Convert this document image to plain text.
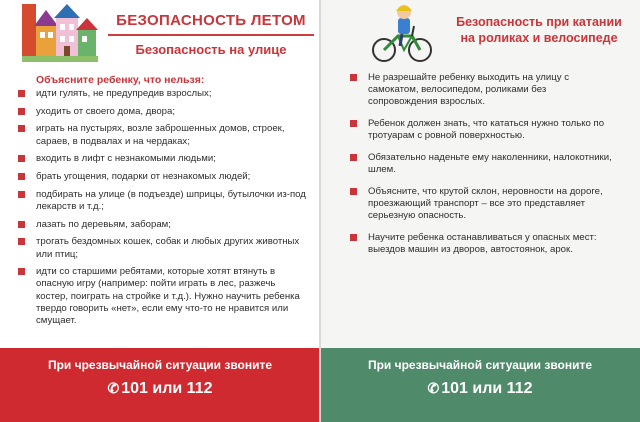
БЕЗОПАСНОСТЬ ЛЕТОМ
Безопасность на улице
Объясните ребенку, что нельзя:
идти гулять, не предупредив взрослых;
уходить от своего дома, двора;
играть на пустырях, возле заброшенных домов, строек, сараев, в подвалах и на чердаках;
входить в лифт с незнакомыми людьми;
брать угощения, подарки от незнакомых людей;
подбирать на улице (в подъезде) шприцы, бутылочки из-под лекарств и т.д.;
лазать по деревьям, заборам;
трогать бездомных кошек, собак и любых других животных или птиц;
идти со старшими ребятами, которые хотят втянуть в опасную игру (например: пойти играть в лес, разжечь костер, поиграть на стройке и т.д.). Нужно научить ребенка твердо говорить «нет», если ему что-то не нравится или смущает.
При чрезвычайной ситуации звоните
✆ 101 или 112
Безопасность при катании
на роликах и велосипеде
Не разрешайте ребенку выходить на улицу с самокатом, велосипедом, роликами без сопровождения взрослых.
Ребенок должен знать, что кататься нужно только по тротуарам с ровной поверхностью.
Обязательно наденьте ему наколенники, налокотники, шлем.
Объясните, что крутой склон, неровности на дороге, проезжающий транспорт – все это представляет серьезную опасность.
Научите ребенка останавливаться у опасных мест: выездов машин из дворов, автостоянок, арок.
При чрезвычайной ситуации звоните
✆ 101 или 112
